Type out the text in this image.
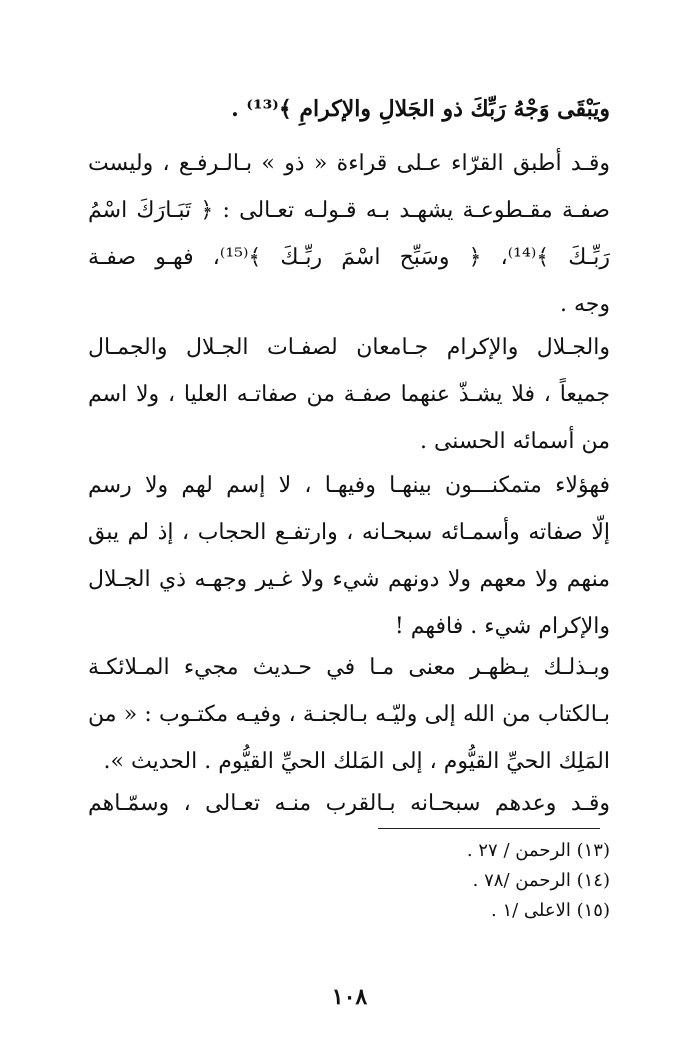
ويَبْقَى وَجْهُ رَبِّكَ ذو الجَلالِ والإكرامِ ﴾⁽¹³⁾ .

وقـد أطبق القرّاء عـلى قراءة « ذو » بـالـرفـع ، وليست
صفـة مقـطوعـة يشهـد بـه قـولـه تعـالى : ﴿ تَبَـارَكَ اسْمُ
رَبِّـكَ ﴾⁽¹⁴⁾، ﴿ وسَبِّح اسْمَ ربِّـكَ ﴾⁽¹⁵⁾، فهـو صفـة
وجه .

والجـلال والإكرام جـامعان لصفـات الجـلال والجمـال
جميعاً ، فلا يشـذّ عنهما صفـة من صفاتـه العليا ، ولا اسم
من أسمائه الحسنى .

فهؤلاء متمكنـــون بينهـا وفيهـا ، لا إسم لهم ولا رسم
إلّا صفاته وأسمـائه سبحـانه ، وارتفـع الحجاب ، إذ لم يبق
منهم ولا معهم ولا دونهم شيء ولا غـير وجهـه ذي الجـلال
والإكرام شيء . فافهم !

وبـذلـك يـظهـر معنى مـا في حـديث مجيء المـلائكـة
بـالكتاب من الله إلى وليّـه بـالجنـة ، وفيـه مكتـوب : « من
المَلِك الحيِّ القيُّوم ، إلى المَلك الحيِّ القيُّوم . الحديث ».

وقـد وعدهم سبحـانه بـالقرب منـه تعـالى ، وسمّـاهم

(١٣) الرحمن / ٢٧ .
(١٤) الرحمن /٧٨ .
(١٥) الاعلى /١ .
١٠٨
